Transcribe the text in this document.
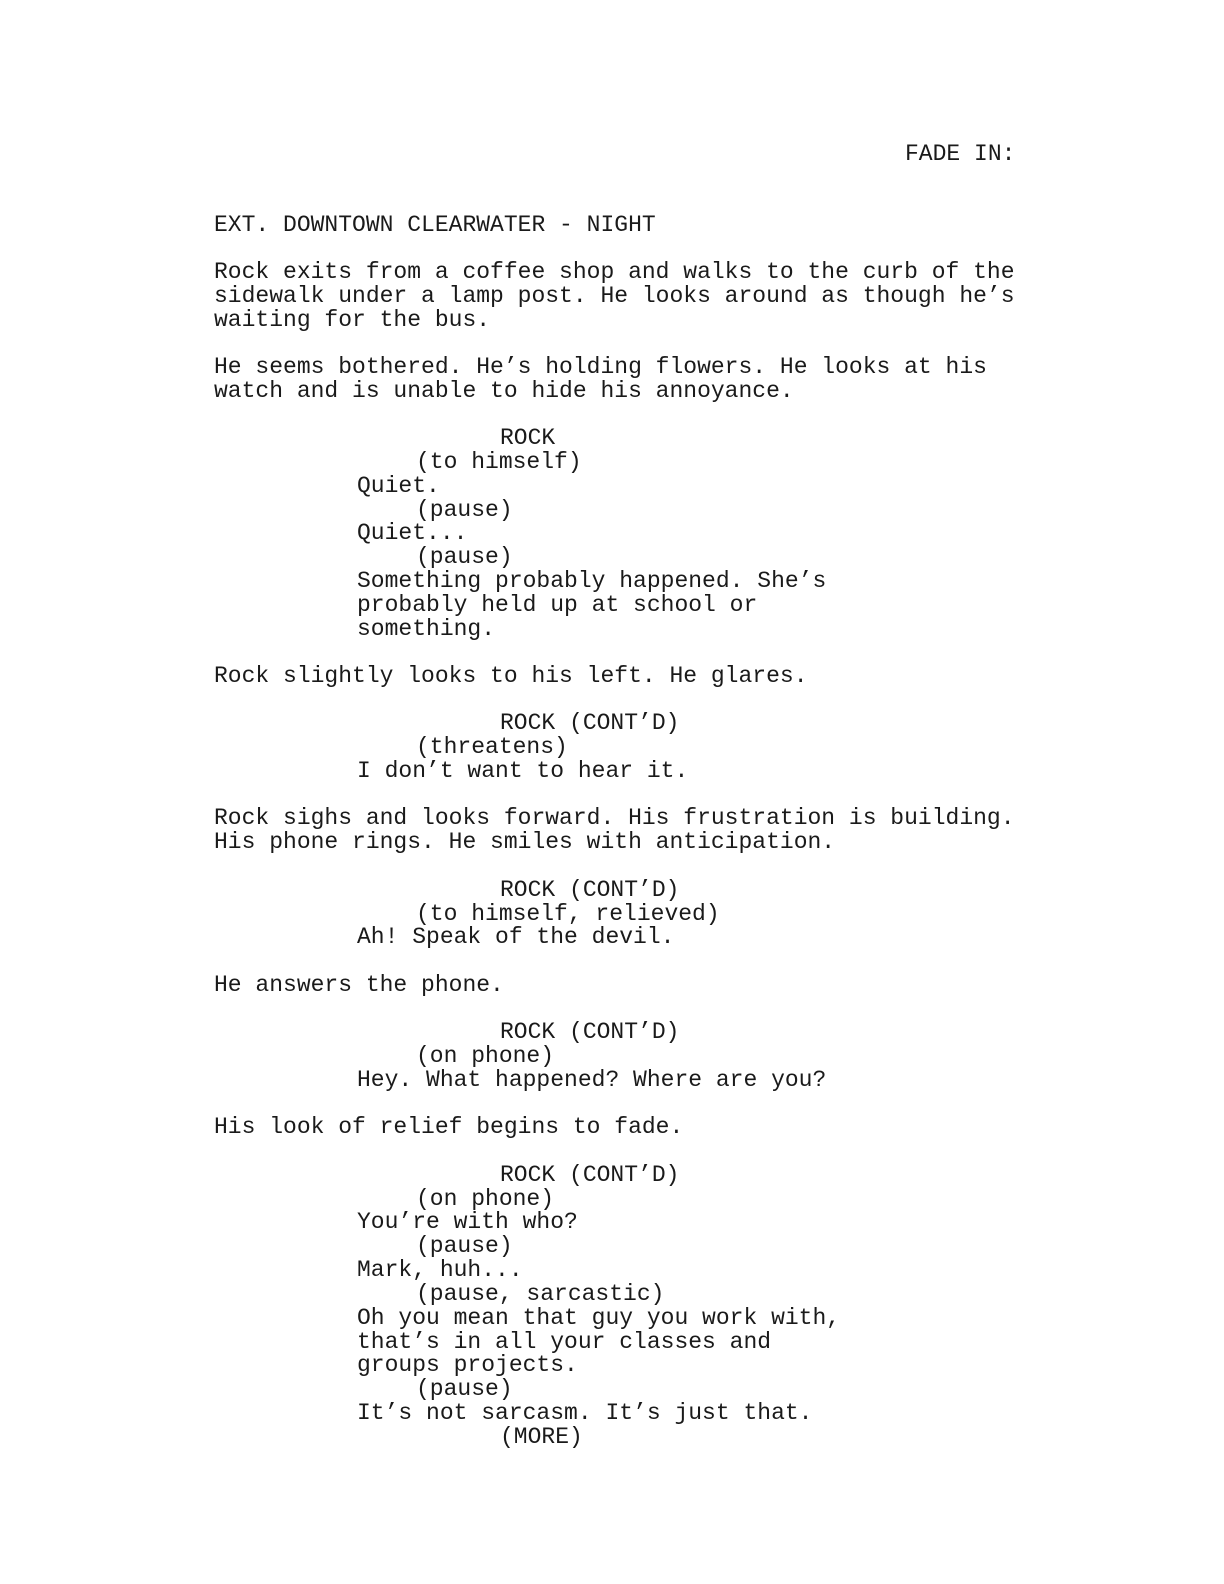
FADE IN:
EXT. DOWNTOWN CLEARWATER - NIGHT
Rock exits from a coffee shop and walks to the curb of the
sidewalk under a lamp post. He looks around as though he’s
waiting for the bus.
He seems bothered. He’s holding flowers. He looks at his
watch and is unable to hide his annoyance.
ROCK
(to himself)
Quiet.
(pause)
Quiet...
(pause)
Something probably happened. She’s
probably held up at school or
something.
Rock slightly looks to his left. He glares.
ROCK (CONT’D)
(threatens)
I don’t want to hear it.
Rock sighs and looks forward. His frustration is building.
His phone rings. He smiles with anticipation.
ROCK (CONT’D)
(to himself, relieved)
Ah! Speak of the devil.
He answers the phone.
ROCK (CONT’D)
(on phone)
Hey. What happened? Where are you?
His look of relief begins to fade.
ROCK (CONT’D)
(on phone)
You’re with who?
(pause)
Mark, huh...
(pause, sarcastic)
Oh you mean that guy you work with,
that’s in all your classes and
groups projects.
(pause)
It’s not sarcasm. It’s just that.
(MORE)
